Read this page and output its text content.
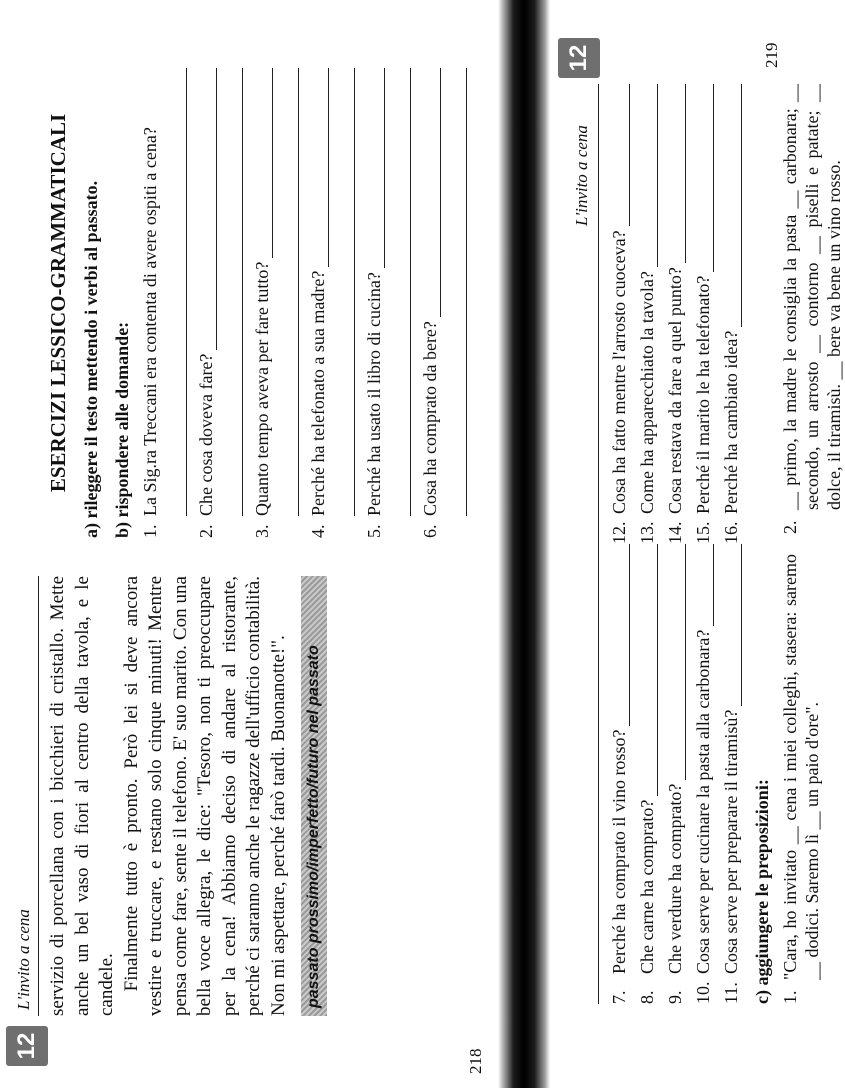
12
L'invito a cena
218

servizio di porcellana con i bicchieri di cristallo. Mette anche un bel vaso di fiori al centro della tavola, e le candele. Finalmente tutto è pronto. Però lei si deve ancora vestire e truccare, e restano solo cinque minuti! Mentre pensa come fare, sente il telefono. E' suo marito. Con una bella voce allegra, le dice: "Tesoro, non ti preoccupare per la cena! Abbiamo deciso di andare al ristorante, perché ci saranno anche le ragazze dell'ufficio contabilità. Non mi aspettare, perché farò tardi. Buonanotte!". passato prossimo/imperfetto/futuro nel passato
ESERCIZI LESSICO-GRAMMATICALI a) rileggere il testo mettendo i verbi al passato. b) rispondere alle domande: 1.
La Sig.ra Treccani era contenta di avere ospiti a cena?
2.
Che cosa doveva fare?
3.
Quanto tempo aveva per fare tutto?
4.
Perché ha telefonato a sua madre?
5.
Perché ha usato il libro di cucina?
6.
Cosa ha comprato da bere?
219
12
L'invito a cena
7.
Perché ha comprato il vino rosso?
8.
Che carne ha comprato?
9.
Che verdure ha comprato?
10.
Cosa serve per cucinare la pasta alla carbonara?
11.
Cosa serve per preparare il tiramisù?
12.
Cosa ha fatto mentre l'arrosto cuoceva?
13.
Come ha apparecchiato la tavola?
14.
Cosa restava da fare a quel punto?
15.
Perché il marito le ha telefonato?
16.
Perché ha cambiato idea?
c) aggiungere le preposizioni: 1.
"Cara, ho invitato __ cena i miei colleghi, stasera: saremo __ dodici. Saremo lì __ un paio d'ore".
2.
__ primo, la madre le consiglia la pasta __ carbonara; __ secondo, un arrosto __ contorno __ piselli e patate; __ dolce, il tiramisù. __ bere va bene un vino rosso.
